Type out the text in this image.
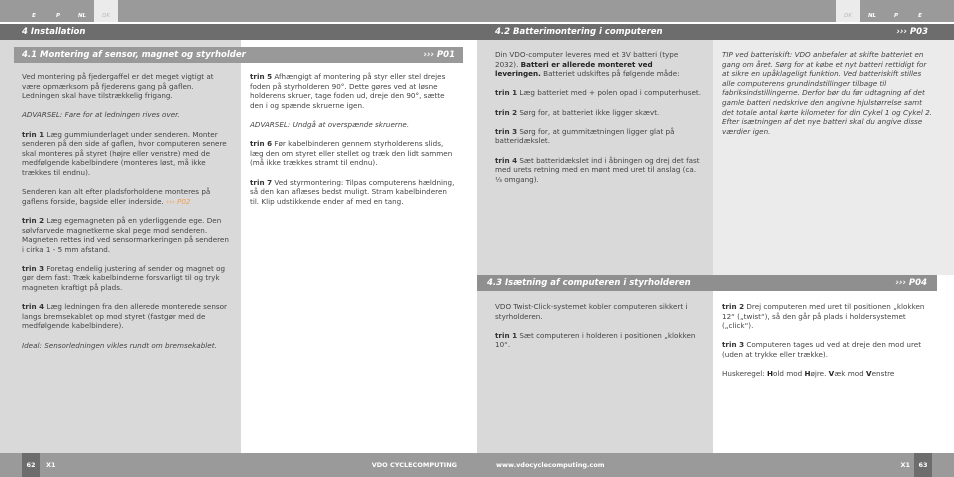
E	P	NL	DK	DK	NL	P	E
4 Installation
4.1 Montering af sensor, magnet og styrholder	››› P01

Ved montering på fjedergaffel er det meget vigtigt at være opmærksom på fjederens gang på gaflen. Ledningen skal have tilstrækkelig frigang.

ADVARSEL: Fare for at ledningen rives over.

trin 1 Læg gummiunderlaget under senderen. Monter senderen på den side af gaflen, hvor computeren senere skal monteres på styret (højre eller venstre) med de medfølgende kabelbindere (monteres løst, må ikke trækkes til endnu).

Senderen kan alt efter pladsforholdene monteres på gaflens forside, bagside eller inderside. ››› P02

trin 2 Læg egemagneten på en yderliggende ege. Den sølvfarvede magnetkerne skal pege mod senderen. Magneten rettes ind ved sensormarkeringen på senderen i cirka 1 - 5 mm afstand.

trin 3 Foretag endelig justering af sender og magnet og gør dem fast: Træk kabelbinderne forsvarligt til og tryk magneten kraftigt på plads.

trin 4 Læg ledningen fra den allerede monterede sensor langs bremsekablet op mod styret (fastgør med de medfølgende kabelbindere).

Ideal: Sensorledningen vikles rundt om bremsekablet.

trin 5 Afhængigt af montering på styr eller stel drejes foden på styrholderen 90°. Dette gøres ved at løsne holderens skruer, tage foden ud, dreje den 90°, sætte den i og spænde skruerne igen.

ADVARSEL: Undgå at overspænde skruerne.

trin 6 Før kabelbinderen gennem styrholderens slids, læg den om styret eller stellet og træk den lidt sammen (må ikke trækkes stramt til endnu).

trin 7 Ved styrmontering: Tilpas computerens hældning, så den kan aflæses bedst muligt. Stram kabelbinderen til. Klip udstikkende ender af med en tang.

4.2 Batterimontering i computeren	››› P03

Din VDO-computer leveres med et 3V batteri (type 2032). Batteri er allerede monteret ved leveringen. Batteriet udskiftes på følgende måde:

trin 1 Læg batteriet med + polen opad i computerhuset.

trin 2 Sørg for, at batteriet ikke ligger skævt.

trin 3 Sørg for, at gummitætningen ligger glat på batteridækslet.

trin 4 Sæt batteridækslet ind i åbningen og drej det fast med urets retning med en mønt med uret til anslag (ca. ⅓ omgang).

TIP ved batteriskift: VDO anbefaler at skifte batteriet en gang om året. Sørg for at købe et nyt batteri rettidigt for at sikre en upåklageligt funktion. Ved batteriskift stilles alle computerens grundindstillinger tilbage til fabriksindstillingerne. Derfor bør du før udtagning af det gamle batteri nedskrive den angivne hjulstørrelse samt det totale antal kørte kilometer for din Cykel 1 og Cykel 2. Efter isætningen af det nye batteri skal du angive disse værdier igen.

4.3 Isætning af computeren i styrholderen	››› P04

VDO Twist-Click-systemet kobler computeren sikkert i styrholderen.

trin 1 Sæt computeren i holderen i positionen „klokken 10“.

trin 2 Drej computeren med uret til positionen „klokken 12“ („twist“), så den går på plads i holdersystemet („click“).

trin 3 Computeren tages ud ved at dreje den mod uret (uden at trykke eller trække).

Huskeregel: Hold mod Højre. Væk mod Venstre

62	X1	VDO CYCLECOMPUTING	www.vdocyclecomputing.com	X1	63
